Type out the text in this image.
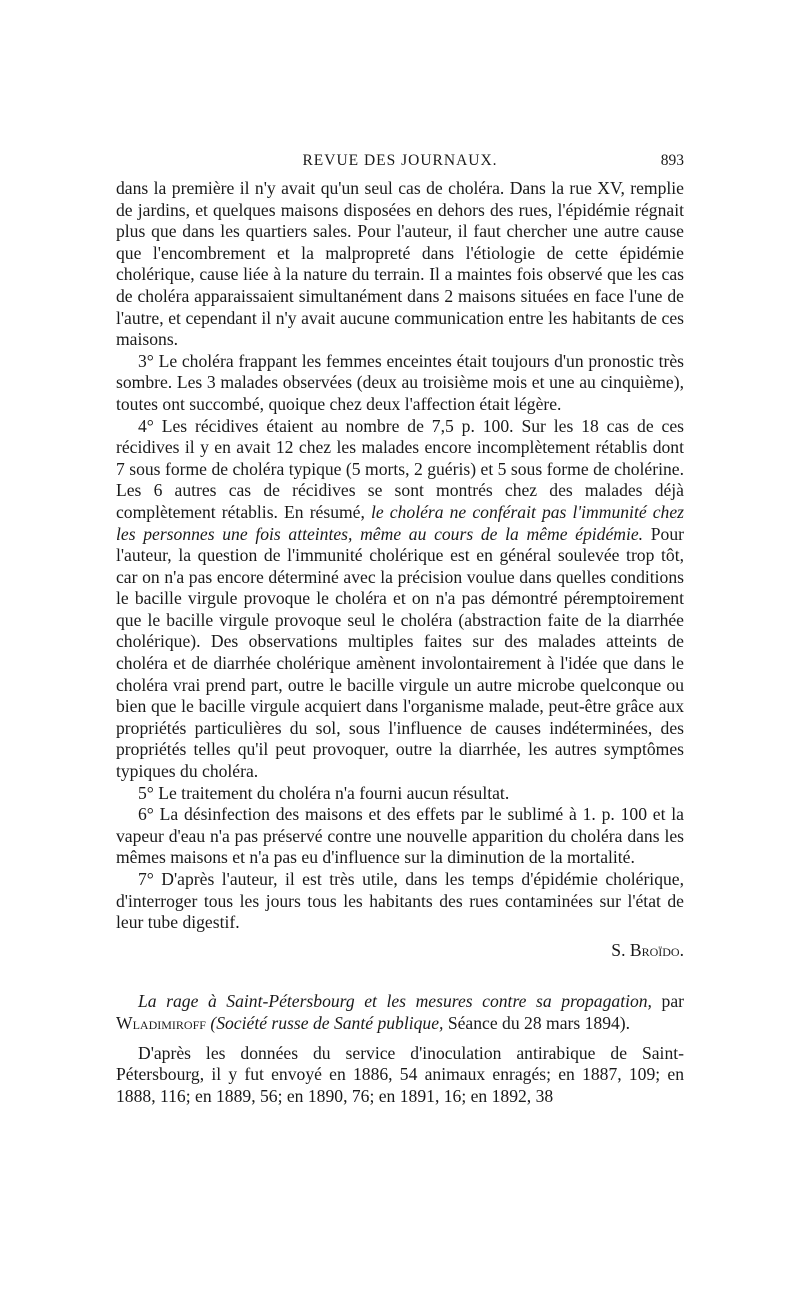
REVUE DES JOURNAUX.	893

dans la première il n'y avait qu'un seul cas de choléra. Dans la rue XV, remplie de jardins, et quelques maisons disposées en dehors des rues, l'épidémie régnait plus que dans les quartiers sales. Pour l'auteur, il faut chercher une autre cause que l'encombrement et la malpropreté dans l'étiologie de cette épidémie cholérique, cause liée à la nature du terrain. Il a maintes fois observé que les cas de choléra apparaissaient simultanément dans 2 maisons situées en face l'une de l'autre, et cependant il n'y avait aucune communication entre les habitants de ces maisons.

3° Le choléra frappant les femmes enceintes était toujours d'un pronostic très sombre. Les 3 malades observées (deux au troisième mois et une au cinquième), toutes ont succombé, quoique chez deux l'affection était légère.

4° Les récidives étaient au nombre de 7,5 p. 100. Sur les 18 cas de ces récidives il y en avait 12 chez les malades encore incomplètement rétablis dont 7 sous forme de choléra typique (5 morts, 2 guéris) et 5 sous forme de cholérine. Les 6 autres cas de récidives se sont montrés chez des malades déjà complètement rétablis. En résumé, le choléra ne conférait pas l'immunité chez les personnes une fois atteintes, même au cours de la même épidémie. Pour l'auteur, la question de l'immunité cholérique est en général soulevée trop tôt, car on n'a pas encore déterminé avec la précision voulue dans quelles conditions le bacille virgule provoque le choléra et on n'a pas démontré péremptoirement que le bacille virgule provoque seul le choléra (abstraction faite de la diarrhée cholérique). Des observations multiples faites sur des malades atteints de choléra et de diarrhée cholérique amènent involontairement à l'idée que dans le choléra vrai prend part, outre le bacille virgule un autre microbe quelconque ou bien que le bacille virgule acquiert dans l'organisme malade, peut-être grâce aux propriétés particulières du sol, sous l'influence de causes indéterminées, des propriétés telles qu'il peut provoquer, outre la diarrhée, les autres symptômes typiques du choléra.

5° Le traitement du choléra n'a fourni aucun résultat.

6° La désinfection des maisons et des effets par le sublimé à 1. p. 100 et la vapeur d'eau n'a pas préservé contre une nouvelle apparition du choléra dans les mêmes maisons et n'a pas eu d'influence sur la diminution de la mortalité.

7° D'après l'auteur, il est très utile, dans les temps d'épidémie cholérique, d'interroger tous les jours tous les habitants des rues contaminées sur l'état de leur tube digestif.

S. Broïdo.

La rage à Saint-Pétersbourg et les mesures contre sa propagation, par Wladimiroff (Société russe de Santé publique, Séance du 28 mars 1894).

D'après les données du service d'inoculation antirabique de Saint-Pétersbourg, il y fut envoyé en 1886, 54 animaux enragés; en 1887, 109; en 1888, 116; en 1889, 56; en 1890, 76; en 1891, 16; en 1892, 38
